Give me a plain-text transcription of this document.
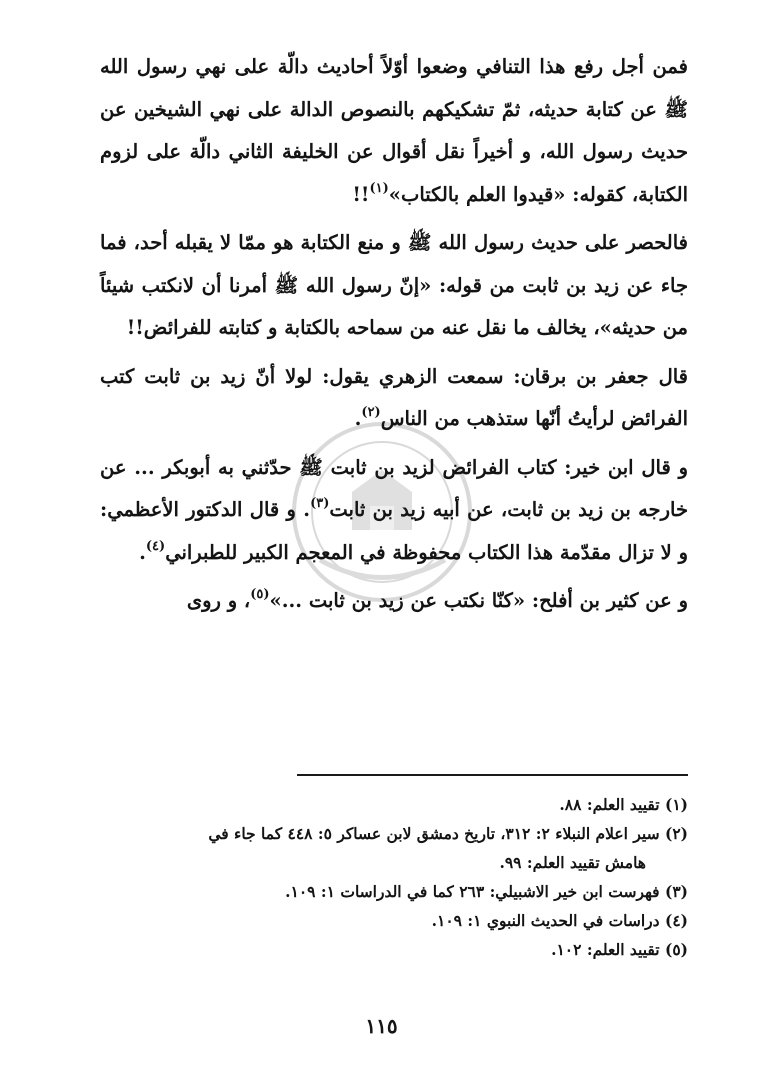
فمن أجل رفع هذا التنافي وضعوا أوّلاً أحاديث دالّة على نهي رسول الله ﷺ عن كتابة حديثه، ثمّ تشكيكهم بالنصوص الدالة على نهي الشيخين عن حديث رسول الله، و أخيراً نقل أقوال عن الخليفة الثاني دالّة على لزوم الكتابة، كقوله: «قيدوا العلم بالكتاب»$^{(١)}$!!

فالحصر على حديث رسول الله ﷺ و منع الكتابة هو ممّا لا يقبله أحد، فما جاء عن زيد بن ثابت من قوله: «إنّ رسول الله ﷺ أمرنا أن لانكتب شيئاً من حديثه»، يخالف ما نقل عنه من سماحه بالكتابة و كتابته للفرائض!!

قال جعفر بن برقان: سمعت الزهري يقول: لولا أنّ زيد بن ثابت كتب الفرائض لرأيتُ أنّها ستذهب من الناس$^{(٢)}$.

و قال ابن خير: كتاب الفرائض لزيد بن ثابت ﷺ حدّثني به أبوبكر ... عن خارجه بن زيد بن ثابت، عن أبيه زيد بن ثابت$^{(٣)}$. و قال الدكتور الأعظمي: و لا تزال مقدّمة هذا الكتاب محفوظة في المعجم الكبير للطبراني$^{(٤)}$.

و عن كثير بن أفلح: «كنّا نكتب عن زيد بن ثابت ...»$^{(٥)}$، و روى

(١) تقييد العلم: ٨٨.

(٢) سير اعلام النبلاء ٢: ٣١٢، تاريخ دمشق لابن عساكر ٥: ٤٤٨ كما جاء في
هامش تقييد العلم: ٩٩.

(٣) فهرست ابن خير الاشبيلي: ٢٦٣ كما في الدراسات ١: ١٠٩.

(٤) دراسات في الحديث النبوي ١: ١٠٩.

(٥) تقييد العلم: ١٠٢.

١١٥
